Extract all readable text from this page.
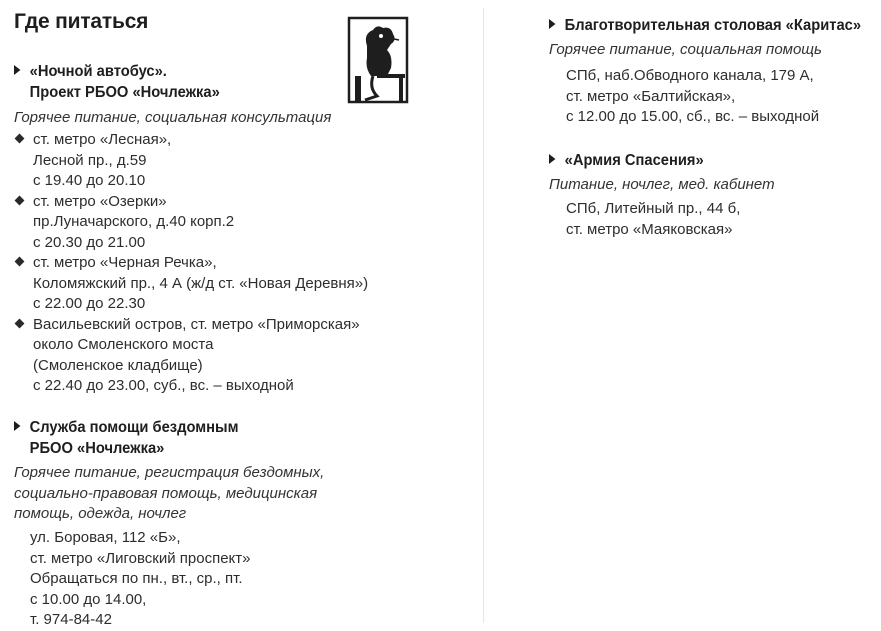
Где питаться
«Ночной автобус».
Проект РБОО «Ночлежка»
Горячее питание, социальная консультация
ст. метро «Лесная»,
Лесной пр., д.59
с 19.40 до 20.10
ст. метро «Озерки»
пр.Луначарского, д.40 корп.2
с 20.30 до 21.00
ст. метро «Черная Речка»,
Коломяжский пр., 4 А (ж/д ст. «Новая Деревня»)
с 22.00 до 22.30
Васильевский остров, ст. метро «Приморская»
около Смоленского моста
(Смоленское кладбище)
с 22.40 до 23.00, суб., вс. – выходной
Служба помощи бездомным
РБОО «Ночлежка»
Горячее питание, регистрация бездомных,
социально-правовая помощь, медицинская
помощь, одежда, ночлег
ул. Боровая, 112 «Б»,
ст. метро «Лиговский проспект»
Обращаться по пн., вт., ср., пт.
с 10.00 до 14.00,
т. 974-84-42
Благотворительная столовая «Каритас»
Горячее питание, социальная помощь
СПб, наб.Обводного канала, 179 А,
ст. метро «Балтийская»,
с 12.00 до 15.00, сб., вс. – выходной
«Армия Спасения»
Питание, ночлег, мед. кабинет
СПб, Литейный пр., 44 б,
ст. метро «Маяковская»
